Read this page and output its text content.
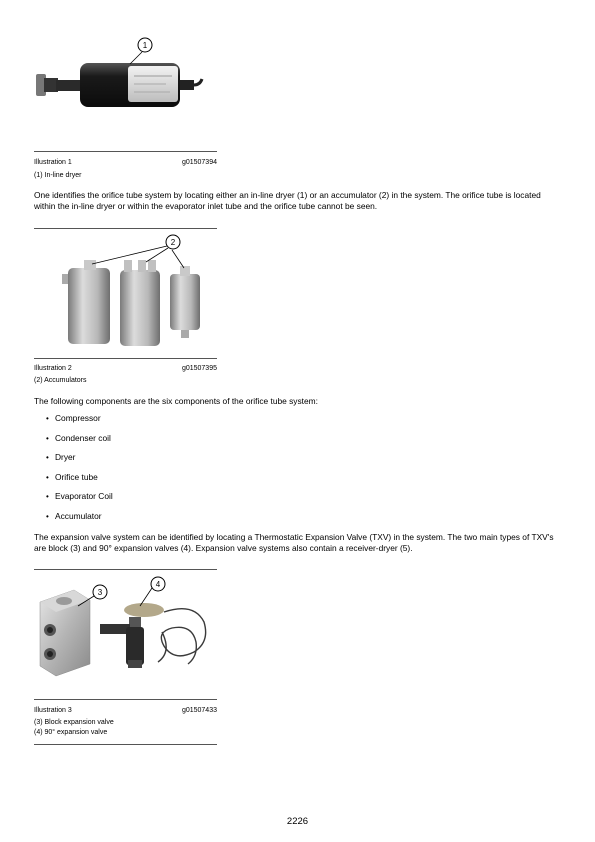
1
Illustration 1	g01507394
(1) In-line dryer
One identifies the orifice tube system by locating either an in-line dryer (1) or an accumulator (2) in the system. The orifice tube is located within the in-line dryer or within the evaporator inlet tube and the orifice tube cannot be seen.
2
Illustration 2	g01507395
(2) Accumulators
The following components are the six components of the orifice tube system:
• Compressor
• Condenser coil
• Dryer
• Orifice tube
• Evaporator Coil
• Accumulator
The expansion valve system can be identified by locating a Thermostatic Expansion Valve (TXV) in the system. The two main types of TXV's are block (3) and 90° expansion valves (4). Expansion valve systems also contain a receiver-dryer (5).
3
4
Illustration 3	g01507433
(3) Block expansion valve
(4) 90° expansion valve
2226
